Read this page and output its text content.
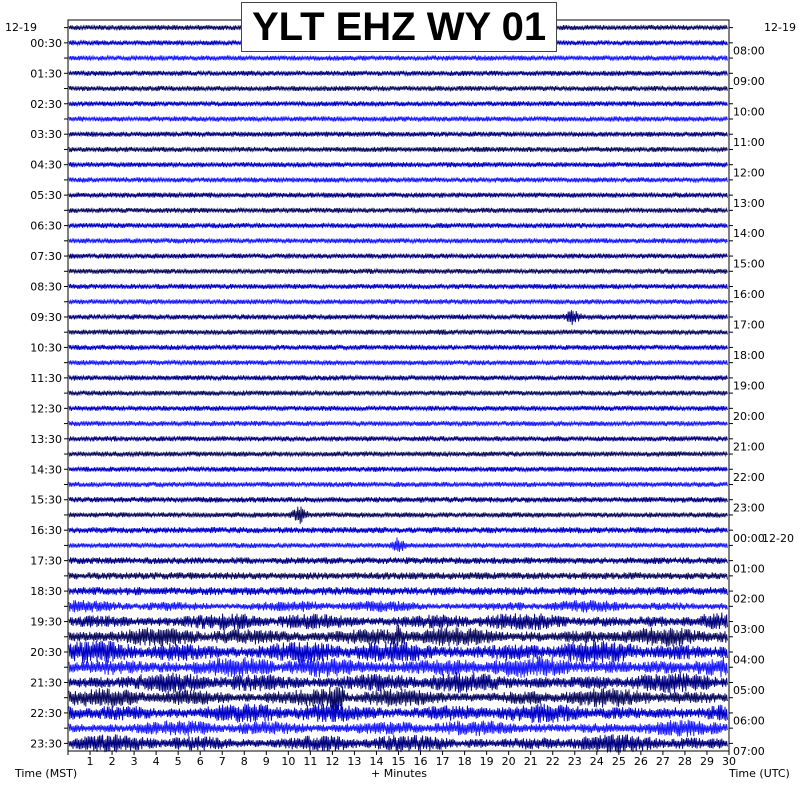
12-19	12-19
00:30
01:30
02:30
03:30
04:30
05:30
06:30
07:30
08:30
09:30
10:30
11:30
12:30
13:30
14:30
15:30
16:30
17:30
18:30
19:30
20:30
21:30
22:30
23:30
08:00
09:00
10:00
11:00
12:00
13:00
14:00
15:00
16:00
17:00
18:00
19:00
20:00
21:00
22:00
23:00
00:00
12-20
01:00
02:00
03:00
04:00
05:00
06:00
07:00
1 2 3 4 5 6 7 8 9 10 11 12 13 14 15 16 17 18 19 20 21 22 23 24 25 26 27 28 29 30
Time (MST)	+ Minutes	Time (UTC)
YLT EHZ WY 01
